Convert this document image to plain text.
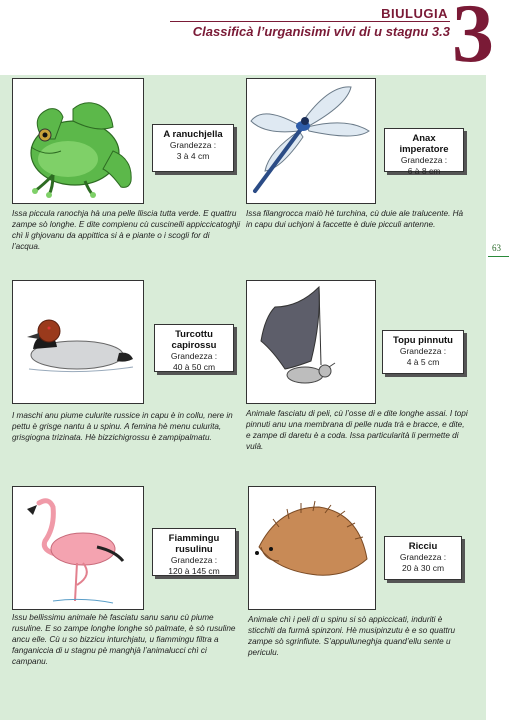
BIULUGIA
Classificà l’urganisimi vivi di u stagnu 3.3 3
63
A ranuchjella
Grandezza :
3 à 4 cm
Issa piccula ranochja hà una pelle lliscia tutta verde. E quattru zampe sò longhe. E dite compienu cù cuscinelli appiccicatoghji chì li ghjovanu da appittica si à e piante o i scogli for di l’acqua.
Anax imperatore
Grandezza :
6 à 8 cm
Issa filangrocca maiò hè turchina, cù duie ale tralucente. Hà in capu dui uchjoni à faccette è duie picculi antenne.
Turcottu capirossu
Grandezza :
40 à 50 cm
I maschi anu piume culurite russice in capu è in collu, nere in pettu è grisge nantu à u spinu. A femina hè menu culurita, grisgiogna trizinata. Hè bizzichigrossu è zampipalmatu.
Topu pinnutu
Grandezza :
4 à 5 cm
Animale fasciatu di peli, cù l’osse di e dite longhe assai. I topi pinnuti anu una membrana di pelle nuda trà e bracce, e dite, e zampe di daretu è a coda. Issa particularità li permette di vulà.
Fiammingu rusulinu
Grandezza :
120 à 145 cm
Issu bellissimu animale hè fasciatu sanu sanu cù piume rusuline. E so zampe longhe longhe sò palmate, è sò rusuline ancu elle. Cù u so bizzicu inturchjatu, u fiammingu filtra a fanganiccia di u stagnu pè manghjà l’animalucci chì ci campanu.
Ricciu
Grandezza :
20 à 30 cm
Animale chì i peli di u spinu si sò appiccicati, induriti è sticchiti da furmà spinzoni. Hè musipinzutu è e so quattru zampe sò sgrinfiute. S’appulluneghja quand’ellu sente u periculu.
